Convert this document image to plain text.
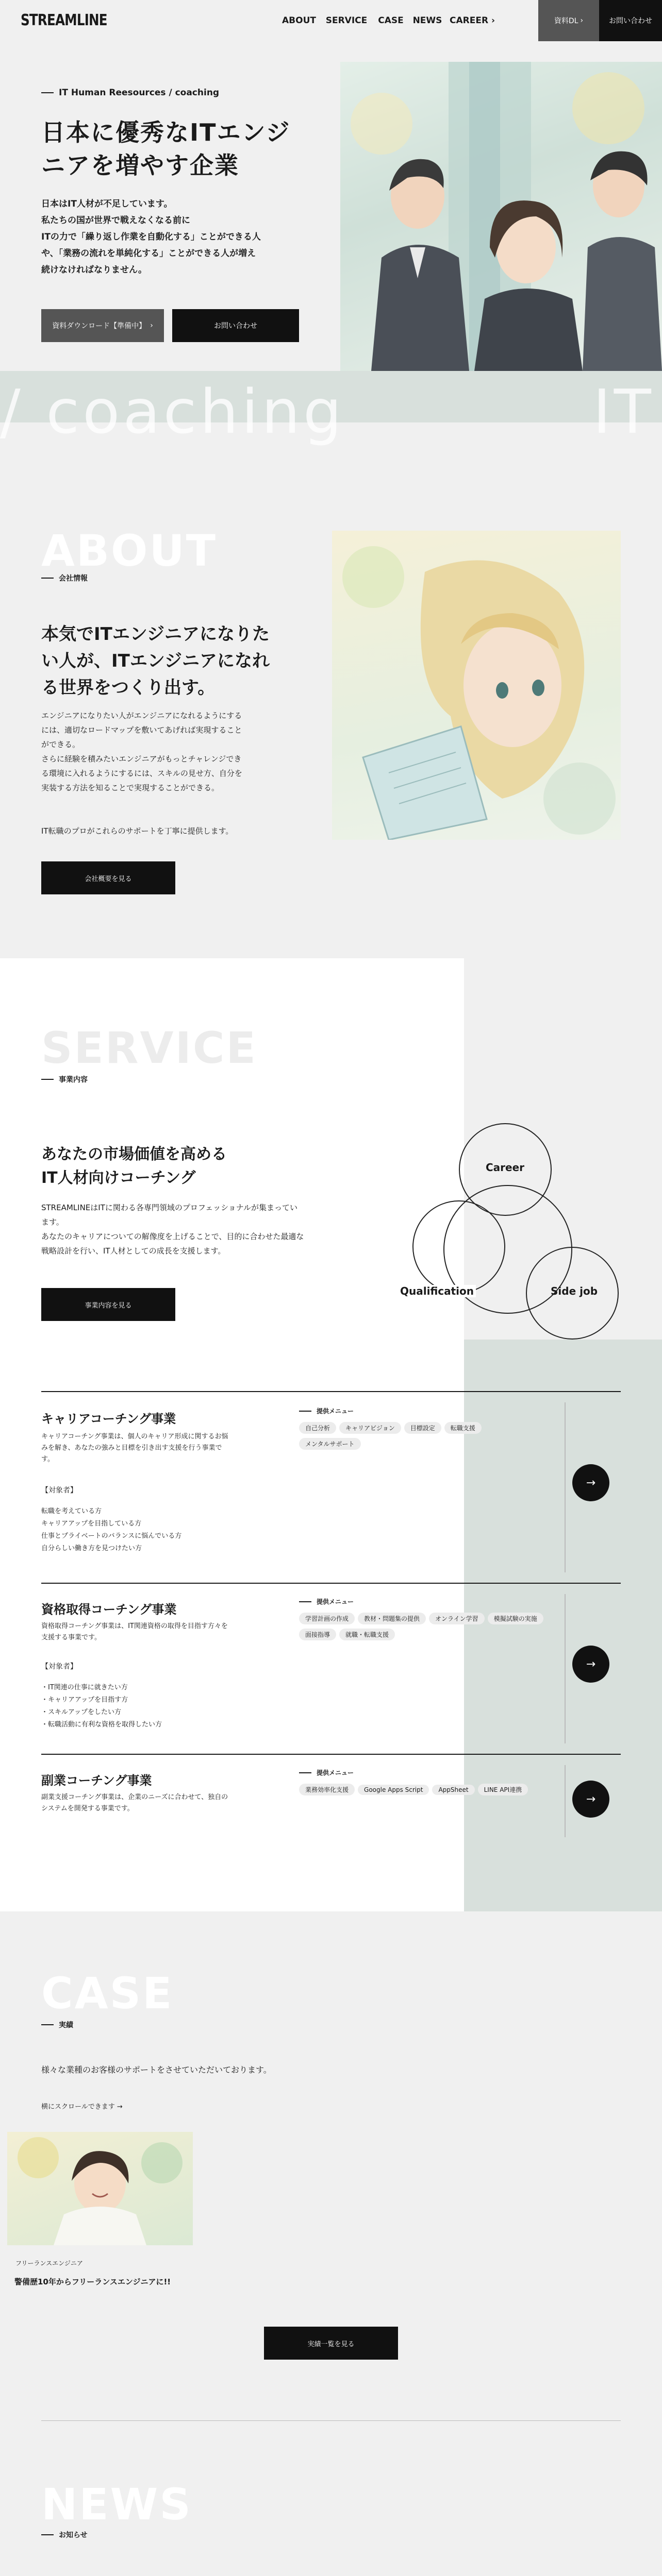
STREAMLINE	ABOUT	SERVICE	CASE	NEWS CAREER ›	資料DL ›	お問い合わせ
IT Human Reesources / coaching
日本に優秀なITエンジ
ニアを増やす企業
日本はIT人材が不足しています。
私たちの国が世界で戦えなくなる前に
ITの力で「繰り返し作業を自動化する」ことができる人
や、「業務の流れを単純化する」ことができる人が増え
続けなければなりません。
資料ダウンロード【準備中】 ›	お問い合わせ
/ coaching	IT
ABOUT
会社情報
本気でITエンジニアになりた
い人が、ITエンジニアになれ
る世界をつくり出す。
エンジニアになりたい人がエンジニアになれるようにする
には、適切なロードマップを敷いてあげれば実現すること
ができる。
さらに経験を積みたいエンジニアがもっとチャレンジでき
る環境に入れるようにするには、スキルの見せ方、自分を
実装する方法を知ることで実現することができる。
IT転職のプロがこれらのサポートを丁寧に提供します。
会社概要を見る
SERVICE
事業内容
あなたの市場価値を高める
IT人材向けコーチング
STREAMLINEはITに関わる各専門領域のプロフェッショナルが集まってい
ます。
あなたのキャリアについての解像度を上げることで、目的に合わせた最適な
戦略設計を行い、IT人材としての成長を支援します。
事業内容を見る
Career
Qualification	Side job
キャリアコーチング事業
キャリアコーチング事業は、個人のキャリア形成に関するお悩
みを解き、あなたの強みと目標を引き出す支援を行う事業で
す。
【対象者】
転職を考えている方
キャリアアップを目指している方
仕事とプライベートのバランスに悩んでいる方
自分らしい働き方を見つけたい方
提供メニュー
自己分析	キャリアビジョン	目標設定	転職支援メンタルサポート
→
資格取得コーチング事業
資格取得コーチング事業は、IT関連資格の取得を目指す方々を
支援する事業です。
【対象者】
・IT関連の仕事に就きたい方
・キャリアアップを目指す方
・スキルアップをしたい方
・転職活動に有利な資格を取得したい方
提供メニュー
学習計画の作成	教材・問題集の提供	オンライン学習	模擬試験の実施面接指導	就職・転職支援
→
副業コーチング事業
副業支援コーチング事業は、企業のニーズに合わせて、独自の
システムを開発する事業です。
提供メニュー
業務効率化支援	Google Apps Script	AppSheet	LINE API連携
→
CASE
実績
様々な業種のお客様のサポートをさせていただいております。
横にスクロールできます →
フリーランスエンジニア
警備歴10年からフリーランスエンジニアに!!
実績一覧を見る
NEWS
お知らせ
